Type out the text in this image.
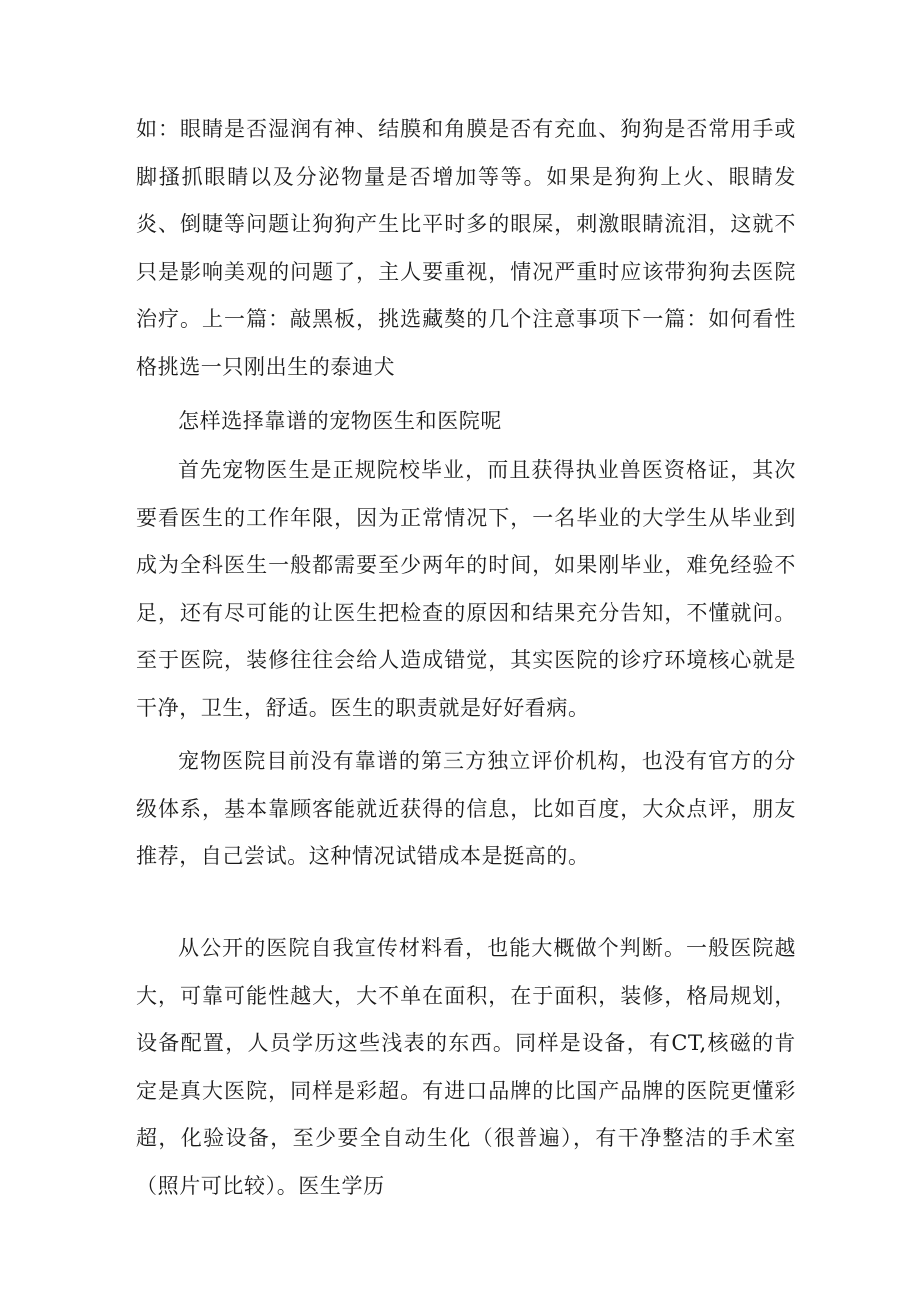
如：眼睛是否湿润有神、结膜和角膜是否有充血、狗狗是否常用手或脚搔抓眼睛以及分泌物量是否增加等等。如果是狗狗上火、眼睛发炎、倒睫等问题让狗狗产生比平时多的眼屎，刺激眼睛流泪，这就不只是影响美观的问题了，主人要重视，情况严重时应该带狗狗去医院治疗。上一篇：敲黑板，挑选藏獒的几个注意事项下一篇：如何看性格挑选一只刚出生的泰迪犬

怎样选择靠谱的宠物医生和医院呢

首先宠物医生是正规院校毕业，而且获得执业兽医资格证，其次要看医生的工作年限，因为正常情况下，一名毕业的大学生从毕业到成为全科医生一般都需要至少两年的时间，如果刚毕业，难免经验不足，还有尽可能的让医生把检查的原因和结果充分告知，不懂就问。至于医院，装修往往会给人造成错觉，其实医院的诊疗环境核心就是干净，卫生，舒适。医生的职责就是好好看病。

宠物医院目前没有靠谱的第三方独立评价机构，也没有官方的分级体系，基本靠顾客能就近获得的信息，比如百度，大众点评，朋友推荐，自己尝试。这种情况试错成本是挺高的。

从公开的医院自我宣传材料看，也能大概做个判断。一般医院越大，可靠可能性越大，大不单在面积，在于面积，装修，格局规划，设备配置，人员学历这些浅表的东西。同样是设备，有CT,核磁的肯定是真大医院，同样是彩超。有进口品牌的比国产品牌的医院更懂彩超，化验设备，至少要全自动生化（很普遍），有干净整洁的手术室（照片可比较）。医生学历
